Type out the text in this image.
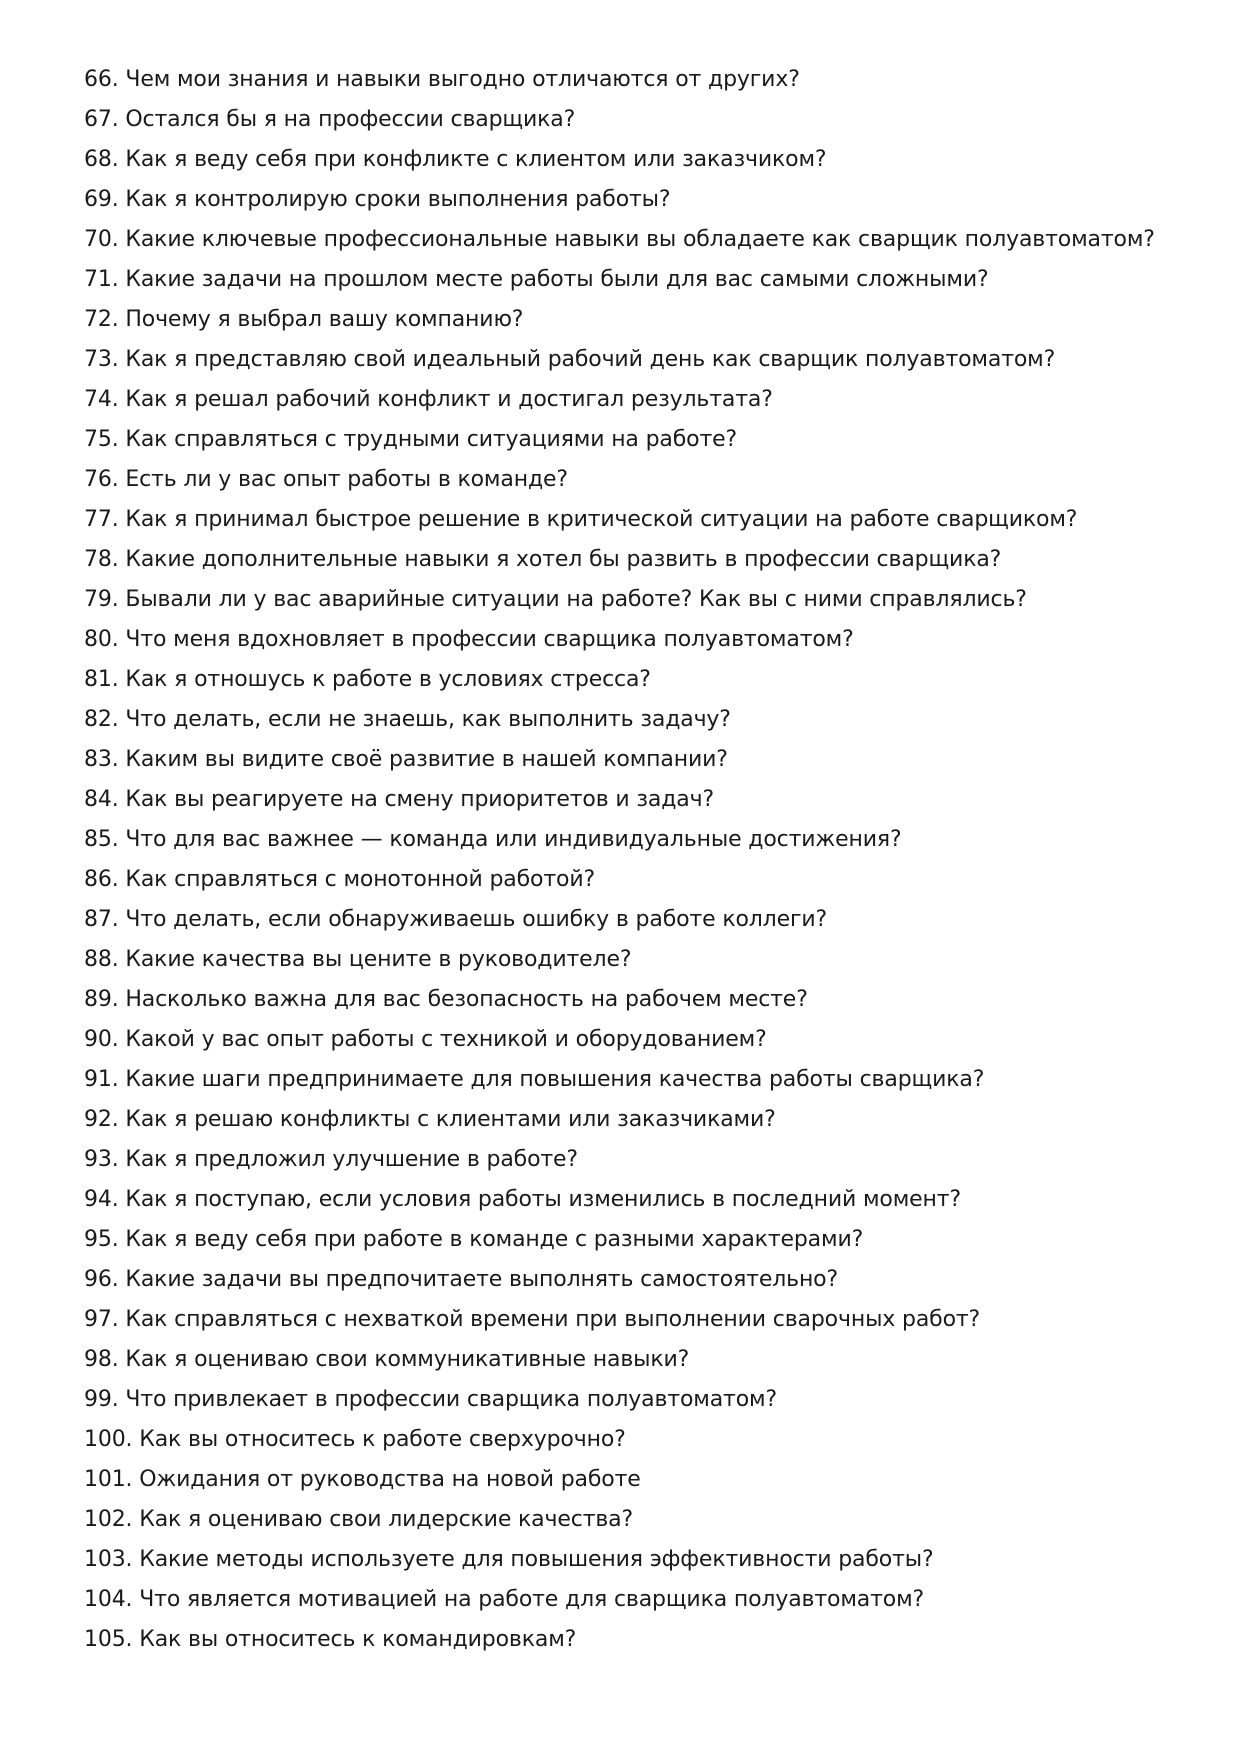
66. Чем мои знания и навыки выгодно отличаются от других?
67. Остался бы я на профессии сварщика?
68. Как я веду себя при конфликте с клиентом или заказчиком?
69. Как я контролирую сроки выполнения работы?
70. Какие ключевые профессиональные навыки вы обладаете как сварщик полуавтоматом?
71. Какие задачи на прошлом месте работы были для вас самыми сложными?
72. Почему я выбрал вашу компанию?
73. Как я представляю свой идеальный рабочий день как сварщик полуавтоматом?
74. Как я решал рабочий конфликт и достигал результата?
75. Как справляться с трудными ситуациями на работе?
76. Есть ли у вас опыт работы в команде?
77. Как я принимал быстрое решение в критической ситуации на работе сварщиком?
78. Какие дополнительные навыки я хотел бы развить в профессии сварщика?
79. Бывали ли у вас аварийные ситуации на работе? Как вы с ними справлялись?
80. Что меня вдохновляет в профессии сварщика полуавтоматом?
81. Как я отношусь к работе в условиях стресса?
82. Что делать, если не знаешь, как выполнить задачу?
83. Каким вы видите своё развитие в нашей компании?
84. Как вы реагируете на смену приоритетов и задач?
85. Что для вас важнее — команда или индивидуальные достижения?
86. Как справляться с монотонной работой?
87. Что делать, если обнаруживаешь ошибку в работе коллеги?
88. Какие качества вы цените в руководителе?
89. Насколько важна для вас безопасность на рабочем месте?
90. Какой у вас опыт работы с техникой и оборудованием?
91. Какие шаги предпринимаете для повышения качества работы сварщика?
92. Как я решаю конфликты с клиентами или заказчиками?
93. Как я предложил улучшение в работе?
94. Как я поступаю, если условия работы изменились в последний момент?
95. Как я веду себя при работе в команде с разными характерами?
96. Какие задачи вы предпочитаете выполнять самостоятельно?
97. Как справляться с нехваткой времени при выполнении сварочных работ?
98. Как я оцениваю свои коммуникативные навыки?
99. Что привлекает в профессии сварщика полуавтоматом?
100. Как вы относитесь к работе сверхурочно?
101. Ожидания от руководства на новой работе
102. Как я оцениваю свои лидерские качества?
103. Какие методы используете для повышения эффективности работы?
104. Что является мотивацией на работе для сварщика полуавтоматом?
105. Как вы относитесь к командировкам?
